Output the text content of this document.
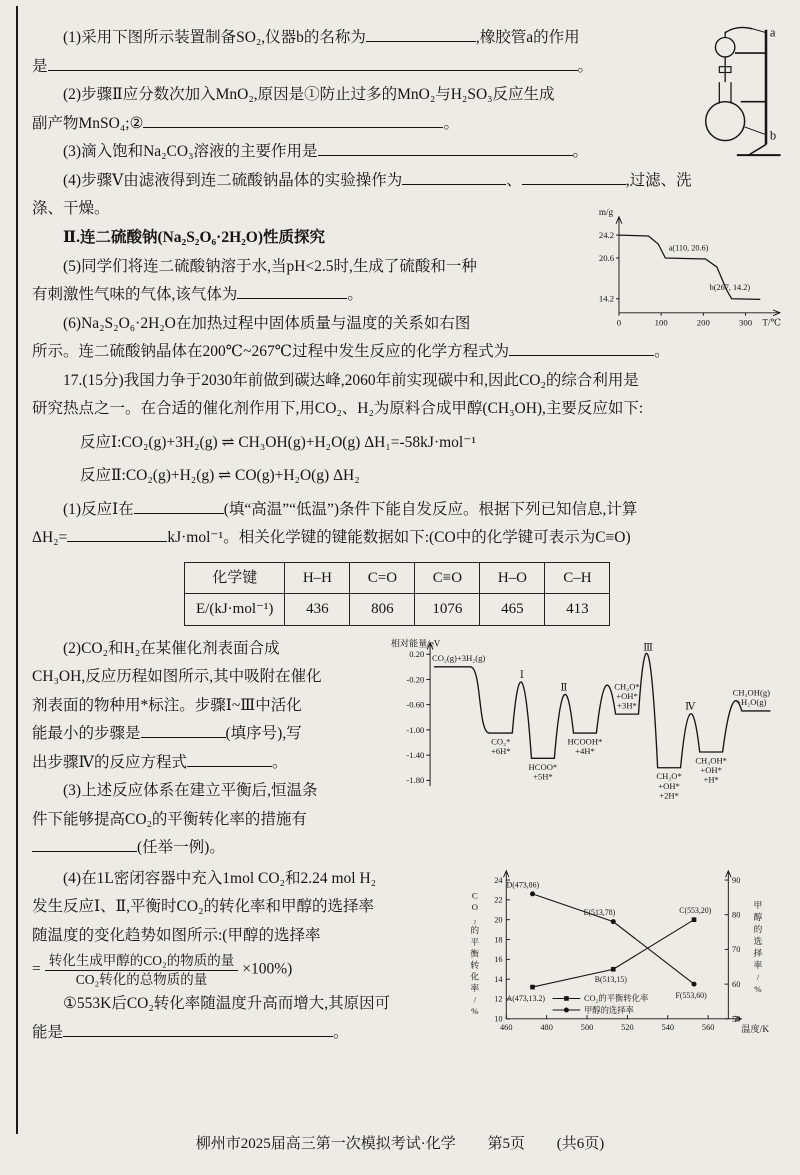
a
b

(1)采用下图所示装置制备SO₂,仪器b的名称为	,橡胶管a的作用

是	。

(2)步骤Ⅱ应分数次加入MnO₂,原因是①防止过多的MnO₂与H₂SO₃反应生成

副产物MnSO₄;②	。

(3)滴入饱和Na₂CO₃溶液的主要作用是	。

(4)步骤Ⅴ由滤液得到连二硫酸钠晶体的实验操作为	、	,过滤、洗

涤、干燥。

24.2
20.6
14.2
0	100	200	300
m/g
T/℃
a(110, 20.6)
b(267, 14.2)

Ⅱ.连二硫酸钠(Na₂S₂O₆·2H₂O)性质探究

(5)同学们将连二硫酸钠溶于水,当pH<2.5时,生成了硫酸和一种

有刺激性气味的气体,该气体为	。

(6)Na₂S₂O₆·2H₂O在加热过程中固体质量与温度的关系如右图

所示。连二硫酸钠晶体在200℃~267℃过程中发生反应的化学方程式为	。

17.(15分)我国力争于2030年前做到碳达峰,2060年前实现碳中和,因此CO₂的综合利用是

研究热点之一。在合适的催化剂作用下,用CO₂、H₂为原料合成甲醇(CH₃OH),主要反应如下:

反应Ⅰ:CO₂(g)+3H₂(g) ⇌ CH₃OH(g)+H₂O(g) ΔH₁=-58kJ·mol⁻¹

反应Ⅱ:CO₂(g)+H₂(g) ⇌ CO(g)+H₂O(g) ΔH₂

(1)反应Ⅰ在	(填“高温”“低温”)条件下能自发反应。根据下列已知信息,计算

ΔH₂=	kJ·mol⁻¹。相关化学键的键能数据如下:(CO中的化学键可表示为C≡O)

化学键	H–H	C=O	C≡O	H–O	C–H
E/(kJ·mol⁻¹)	436	806	1076	465	413

(2)CO₂和H₂在某催化剂表面合成

CH₃OH,反应历程如图所示,其中吸附在催化

剂表面的物种用*标注。步骤Ⅰ~Ⅲ中活化

能最小的步骤是	(填序号),写

出步骤Ⅳ的反应方程式	。

(3)上述反应体系在建立平衡后,恒温条

件下能够提高CO₂的平衡转化率的措施有

(任举一例)。

相对能量/eV
0.20
-0.20
-0.60
-1.00
-1.40
-1.80
CO₂(g)+3H₂(g)
CO₂*
+6H*
HCOO*
+5H*
HCOOH*
+4H*
CH₂O*
+OH*
+3H*
CH₃O*
+OH*
+2H*
CH₃OH*
+OH*
+H*
CH₃OH(g)
+H₂O(g)
Ⅰ
Ⅱ
Ⅲ
Ⅳ

(4)在1L密闭容器中充入1mol CO₂和2.24 mol H₂

发生反应Ⅰ、Ⅱ,平衡时CO₂的转化率和甲醇的选择率

随温度的变化趋势如图所示:(甲醇的选择率

= $\frac{\text{转化生成甲醇的CO₂的物质的量}}{\text{CO₂转化的总物质的量}} \times 100\%$)

①553K后CO₂转化率随温度升高而增大,其原因可

能是	。

10
12
14
16
18
20
22
24
50
60
70
80
90
460	480	500	520	540	560	温度/K
C
O
₂
的
平
衡
转
化
率
/
%
甲
醇
的
选
择
率
/
%
A(473,13.2)
B(513,15)
C(553,20)
D(473,86)
E(513,78)
F(553,60)
CO₂的平衡转化率
甲醇的选择率
柳州市2025届高三第一次模拟考试·化学 第5页 (共6页)
